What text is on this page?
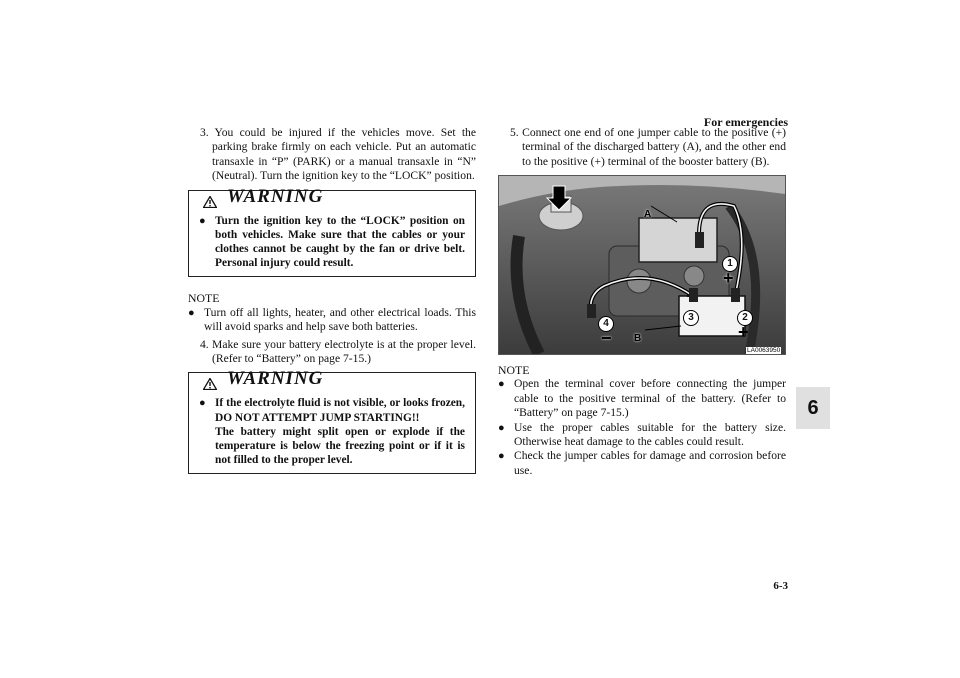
For emergencies
6-3
6

3. You could be injured if the vehicles move. Set the parking brake firmly on each vehicle. Put an automatic transaxle in “P” (PARK) or a manual transaxle in “N” (Neutral). Turn the ignition key to the “LOCK” position.

WARNING
● Turn the ignition key to the “LOCK” position on both vehicles. Make sure that the cables or your clothes cannot be caught by the fan or drive belt. Personal injury could result.
NOTE
● Turn off all lights, heater, and other electrical loads. This will avoid sparks and help save both batteries.

4. Make sure your battery electrolyte is at the proper level. (Refer to “Battery” on page 7-15.)

WARNING
● If the electrolyte fluid is not visible, or looks frozen, DO NOT ATTEMPT JUMP STARTING!!
The battery might split open or explode if the temperature is below the freezing point or if it is not filled to the proper level.

5. Connect one end of one jumper cable to the positive (+) terminal of the discharged battery (A), and the other end to the positive (+) terminal of the booster battery (B).

A
B
1
2
3
4
+
+
−
LA0063950
NOTE
● Open the terminal cover before connecting the jumper cable to the positive terminal of the battery. (Refer to “Battery” on page 7-15.)
● Use the proper cables suitable for the battery size. Otherwise heat damage to the cables could result.
● Check the jumper cables for damage and corrosion before use.
